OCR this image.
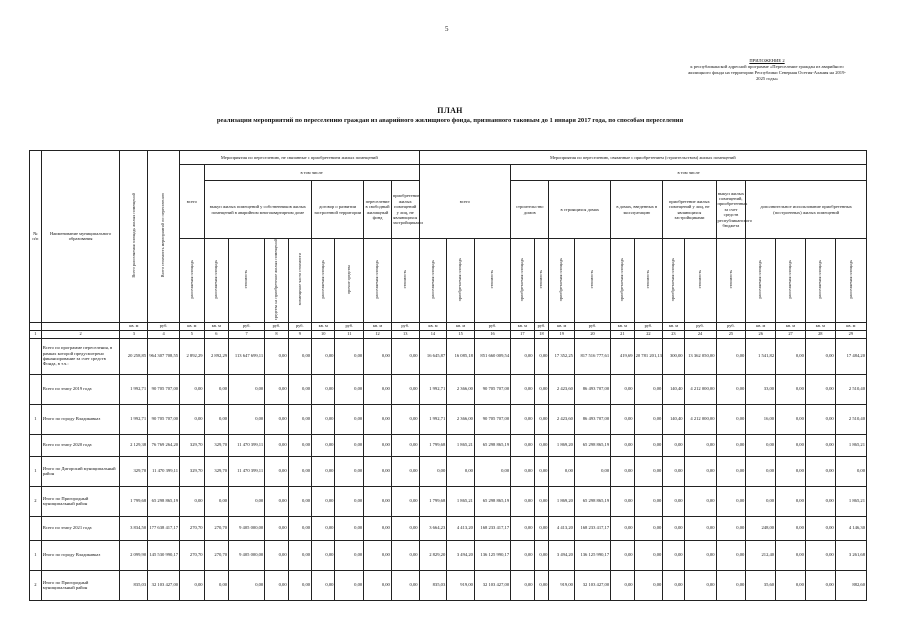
5
ПРИЛОЖЕНИЕ 2
к республиканской адресной программе «Переселение граждан из аварийного
жилищного фонда на территории Республики Северная Осетия-Алания на 2019-
2025 годы»
ПЛАН
реализации мероприятий по переселению граждан из аварийного жилищного фонда, признанного таковым до 1 января 2017 года, по способам переселения
№ п/п	Наименование муниципального образования	Всего расселяемая площадь жилых помещений	Всего стоимость мероприятий по переселению	Мероприятия по переселению, не связанные с приобретением жилых помещений									Мероприятия по переселению, связанные с приобретением (строительством) жилых помещений															
				всего	в том числе								всего			в том числе												
					выкуп жилых помещений у собственников жилых помещений в аварийном многоквартирном доме				договор о развитии застроенной территории		переселение в свободный жилищный фонд	приобретение жилых помещений у лиц, не являющихся застройщиками				строительство домов		в строящихся домах		в домах, введенных в эксплуатацию		приобретение жилых помещений у лиц, не являющихся застройщиками		выкуп жилых помещений, приобретенных за счет средств республиканского бюджета	дополнительное использование приобретенных (построенных) жилых помещений			
				расселяемая площадь	расселяемая площадь	стоимость	средства на приобретение жилых помещений	возмещение части стоимости	расселяемая площадь	прочие средства	расселяемая площадь	стоимость	расселяемая площадь	приобретаемая площадь	стоимость	приобретаемая площадь	стоимость	приобретаемая площадь	стоимость	приобретаемая площадь	стоимость	приобретаемая площадь	стоимость	стоимость	расселяемая площадь	расселяемая площадь	расселяемая площадь	расселяемая площадь
		кв. м	руб.	кв. м	кв. м	руб.	руб.	руб.	кв. м	руб.	кв. м	руб.	кв. м	кв. м	руб.	кв. м	руб.	кв. м	руб.	кв. м	руб.	кв. м	руб.	руб.	кв. м	кв. м	кв. м	кв. м
1	2	3	4	5	6	7	8	9	10	11	12	13	14	15	16	17	18	19	20	21	22	23	24	25	26	27	28	29
	Всего по программе переселения, в рамках которой предусмотрено финансирование за счет средств Фонда, в т.ч.:	20 258,85	964 307 708,55	2 892,29	2 892,29	113 647 699,11	0,00	0,00	0,00	0,00	0,00	0,00	16 645,87	16 085,18	851 660 009,54	0,00	0,00	17 352,25	817 516 777,61	419,69	20 781 201,13	300,00	13 362 050,00	0,00	1 541,82	0,00	0,00	17 484,20
	Всего по этапу 2019 года	1 992,71	90 705 707,00	0,00	0,00	0,00	0,00	0,00	0,00	0,00	0,00	0,00	1 992,71	2 366,00	90 705 707,00	0,00	0,00	2 423,60	86 493 707,00	0,00	0,00	140,40	4 212 000,00	0,00	33,00	0,00	0,00	2 510,40
1	Итого по городу Владикавказ	1 992,71	90 705 707,00	0,00	0,00	0,00	0,00	0,00	0,00	0,00	0,00	0,00	1 992,71	2 366,00	90 705 707,00	0,00	0,00	2 423,60	86 493 707,00	0,00	0,00	140,40	4 212 000,00	0,00	16,00	0,00	0,00	2 510,40
	Всего по этапу 2020 года	2 129,38	76 769 264,20	329,70	329,70	11 470 399,11	0,00	0,00	0,00	0,00	0,00	0,00	1 799,68	1 865,21	65 298 865,19	0,00	0,00	1 869,20	65 298 865,19	0,00	0,00	0,00	0,00	0,00	0,00	0,00	0,00	1 865,21
1	Итого по Дигорский муниципальный район	329,70	11 470 399,11	329,70	329,70	11 470 399,11	0,00	0,00	0,00	0,00	0,00	0,00	0,00	0,00	0,00	0,00	0,00	0,00	0,00	0,00	0,00	0,00	0,00	0,00	0,00	0,00	0,00	0,00
2	Итого по Пригородный муниципальный район	1 799,68	65 298 865,19	0,00	0,00	0,00	0,00	0,00	0,00	0,00	0,00	0,00	1 799,68	1 865,21	65 298 865,19	0,00	0,00	1 869,20	65 298 865,19	0,00	0,00	0,00	0,00	0,00	0,00	0,00	0,00	1 865,21
	Всего по этапу 2021 года	3 834,50	177 638 417,17	270,70	270,70	9 405 000,00	0,00	0,00	0,00	0,00	0,00	0,00	3 664,23	4 413,20	168 233 417,17	0,00	0,00	4 413,20	168 233 417,17	0,00	0,00	0,00	0,00	0,00	248,00	0,00	0,00	4 146,30
1	Итого по городу Владикавказ	2 099,90	145 530 990,17	270,70	270,70	9 405 000,00	0,00	0,00	0,00	0,00	0,00	0,00	2 829,20	3 494,20	136 125 990,17	0,00	0,00	3 494,20	136 125 990,17	0,00	0,00	0,00	0,00	0,00	212,40	0,00	0,00	3 261,68
2	Итого по Пригородный муниципальный район	835,03	32 103 427,00	0,00	0,00	0,00	0,00	0,00	0,00	0,00	0,00	0,00	835,03	919,00	32 103 427,00	0,00	0,00	919,00	32 103 427,00	0,00	0,00	0,00	0,00	0,00	35,60	0,00	0,00	882,60
